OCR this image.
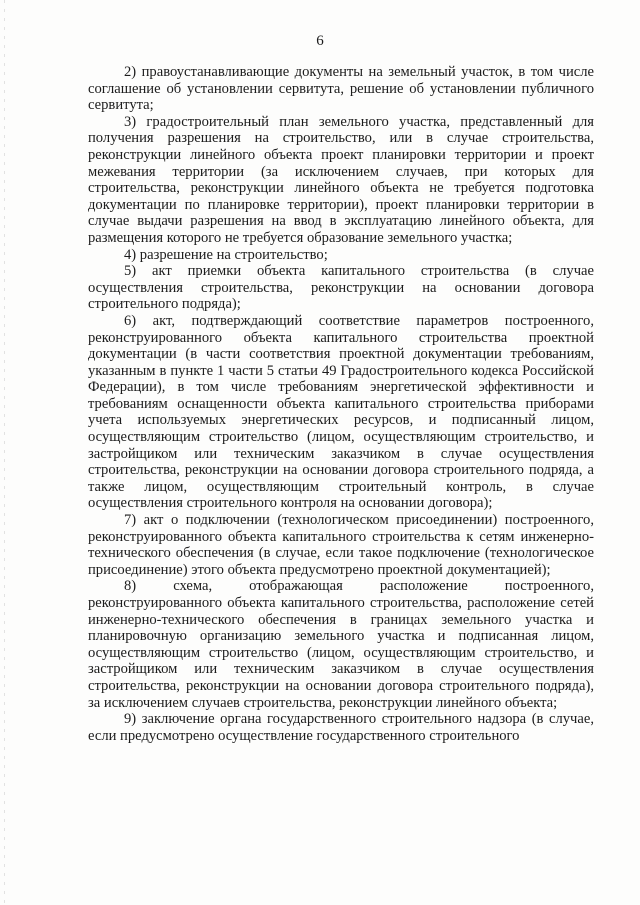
6

2) правоустанавливающие документы на земельный участок, в том числе соглашение об установлении сервитута, решение об установлении публичного сервитута;

3) градостроительный план земельного участка, представленный для получения разрешения на строительство, или в случае строительства, реконструкции линейного объекта проект планировки территории и проект межевания территории (за исключением случаев, при которых для строительства, реконструкции линейного объекта не требуется подготовка документации по планировке территории), проект планировки территории в случае выдачи разрешения на ввод в эксплуатацию линейного объекта, для размещения которого не требуется образование земельного участка;

4) разрешение на строительство;

5) акт приемки объекта капитального строительства (в случае осуществления строительства, реконструкции на основании договора строительного подряда);

6) акт, подтверждающий соответствие параметров построенного, реконструированного объекта капитального строительства проектной документации (в части соответствия проектной документации требованиям, указанным в пункте 1 части 5 статьи 49 Градостроительного кодекса Российской Федерации), в том числе требованиям энергетической эффективности и требованиям оснащенности объекта капитального строительства приборами учета используемых энергетических ресурсов, и подписанный лицом, осуществляющим строительство (лицом, осуществляющим строительство, и застройщиком или техническим заказчиком в случае осуществления строительства, реконструкции на основании договора строительного подряда, а также лицом, осуществляющим строительный контроль, в случае осуществления строительного контроля на основании договора);

7) акт о подключении (технологическом присоединении) построенного, реконструированного объекта капитального строительства к сетям инженерно-технического обеспечения (в случае, если такое подключение (технологическое присоединение) этого объекта предусмотрено проектной документацией);

8) схема, отображающая расположение построенного, реконструированного объекта капитального строительства, расположение сетей инженерно-технического обеспечения в границах земельного участка и планировочную организацию земельного участка и подписанная лицом, осуществляющим строительство (лицом, осуществляющим строительство, и застройщиком или техническим заказчиком в случае осуществления строительства, реконструкции на основании договора строительного подряда), за исключением случаев строительства, реконструкции линейного объекта;

9) заключение органа государственного строительного надзора (в случае, если предусмотрено осуществление государственного строительного
